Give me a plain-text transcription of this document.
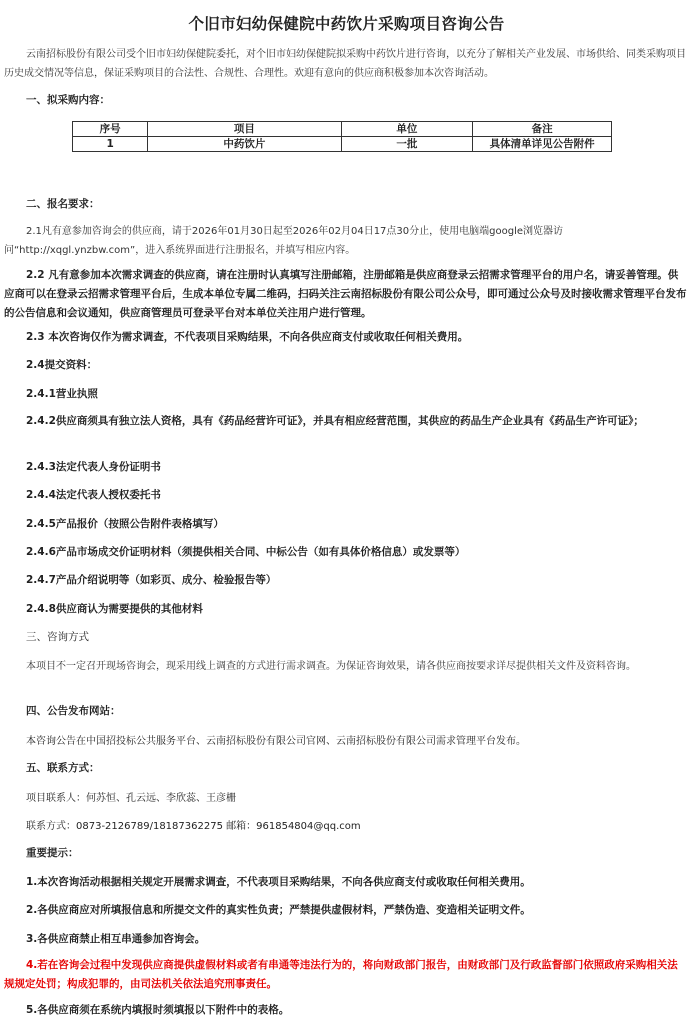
个旧市妇幼保健院中药饮片采购项目咨询公告
云南招标股份有限公司受个旧市妇幼保健院委托，对个旧市妇幼保健院拟采购中药饮片进行咨询，以充分了解相关产业发展、市场供给、同类采购项目历史成交情况等信息，保证采购项目的合法性、合规性、合理性。欢迎有意向的供应商积极参加本次咨询活动。
一、拟采购内容：
序号	项目	单位	备注
1	中药饮片	一批	具体清单详见公告附件
二、报名要求：
2.1凡有意参加咨询会的供应商，请于2026年01月30日起至2026年02月04日17点30分止，使用电脑端google浏览器访问“http://xqgl.ynzbw.com”，进入系统界面进行注册报名，并填写相应内容。
2.2 凡有意参加本次需求调查的供应商，请在注册时认真填写注册邮箱，注册邮箱是供应商登录云招需求管理平台的用户名，请妥善管理。供应商可以在登录云招需求管理平台后，生成本单位专属二维码，扫码关注云南招标股份有限公司公众号，即可通过公众号及时接收需求管理平台发布的公告信息和会议通知，供应商管理员可登录平台对本单位关注用户进行管理。
2.3 本次咨询仅作为需求调查，不代表项目采购结果，不向各供应商支付或收取任何相关费用。
2.4提交资料：
2.4.1营业执照
2.4.2供应商须具有独立法人资格，具有《药品经营许可证》，并具有相应经营范围，其供应的药品生产企业具有《药品生产许可证》；
2.4.3法定代表人身份证明书
2.4.4法定代表人授权委托书
2.4.5产品报价（按照公告附件表格填写）
2.4.6产品市场成交价证明材料（须提供相关合同、中标公告（如有具体价格信息）或发票等）
2.4.7产品介绍说明等（如彩页、成分、检验报告等）
2.4.8供应商认为需要提供的其他材料
三、咨询方式
本项目不一定召开现场咨询会，现采用线上调查的方式进行需求调查。为保证咨询效果，请各供应商按要求详尽提供相关文件及资料咨询。
四、公告发布网站：
本咨询公告在中国招投标公共服务平台、云南招标股份有限公司官网、云南招标股份有限公司需求管理平台发布。
五、联系方式：
项目联系人：何苏恒、孔云远、李欣蕊、王彦栅
联系方式：0873-2126789/18187362275 邮箱：961854804@qq.com
重要提示：
1.本次咨询活动根据相关规定开展需求调查，不代表项目采购结果，不向各供应商支付或收取任何相关费用。
2.各供应商应对所填报信息和所提交文件的真实性负责；严禁提供虚假材料，严禁伪造、变造相关证明文件。
3.各供应商禁止相互串通参加咨询会。
4.若在咨询会过程中发现供应商提供虚假材料或者有串通等违法行为的，将向财政部门报告，由财政部门及行政监督部门依照政府采购相关法规规定处罚；构成犯罪的，由司法机关依法追究刑事责任。
5.各供应商须在系统内填报时须填报以下附件中的表格。
